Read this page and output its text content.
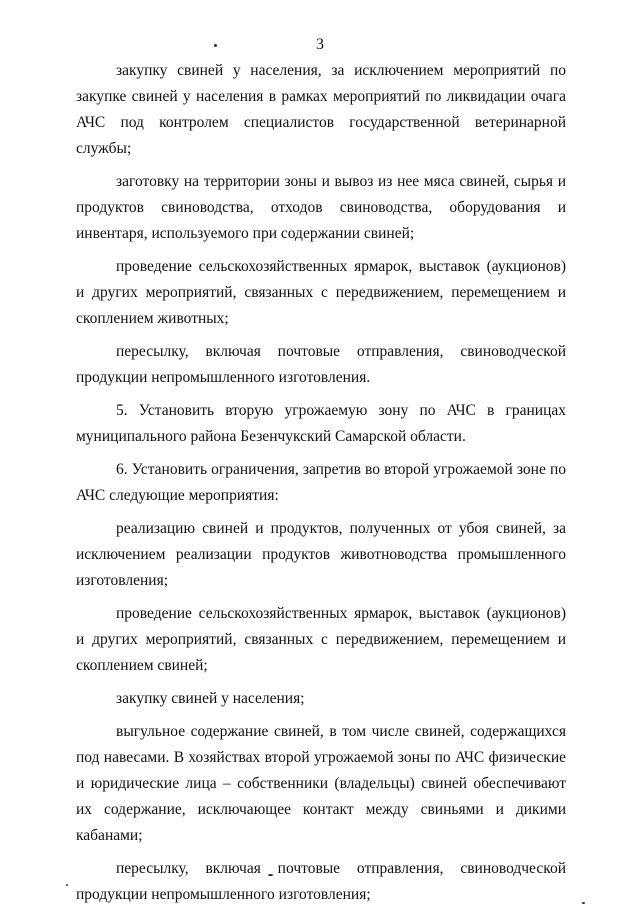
3

закупку свиней у населения, за исключением мероприятий по закупке свиней у населения в рамках мероприятий по ликвидации очага АЧС под контролем специалистов государственной ветеринарной службы;

заготовку на территории зоны и вывоз из нее мяса свиней, сырья и продуктов свиноводства, отходов свиноводства, оборудования и инвентаря, используемого при содержании свиней;

проведение сельскохозяйственных ярмарок, выставок (аукционов) и других мероприятий, связанных с передвижением, перемещением и скоплением животных;

пересылку, включая почтовые отправления, свиноводческой продукции непромышленного изготовления.

5. Установить вторую угрожаемую зону по АЧС в границах муниципального района Безенчукский Самарской области.

6. Установить ограничения, запретив во второй угрожаемой зоне по АЧС следующие мероприятия:

реализацию свиней и продуктов, полученных от убоя свиней, за исключением реализации продуктов животноводства промышленного изготовления;

проведение сельскохозяйственных ярмарок, выставок (аукционов) и других мероприятий, связанных с передвижением, перемещением и скоплением свиней;

закупку свиней у населения;

выгульное содержание свиней, в том числе свиней, содержащихся под навесами. В хозяйствах второй угрожаемой зоны по АЧС физические и юридические лица – собственники (владельцы) свиней обеспечивают их содержание, исключающее контакт между свиньями и дикими кабанами;

пересылку, включая почтовые отправления, свиноводческой продукции непромышленного изготовления;
